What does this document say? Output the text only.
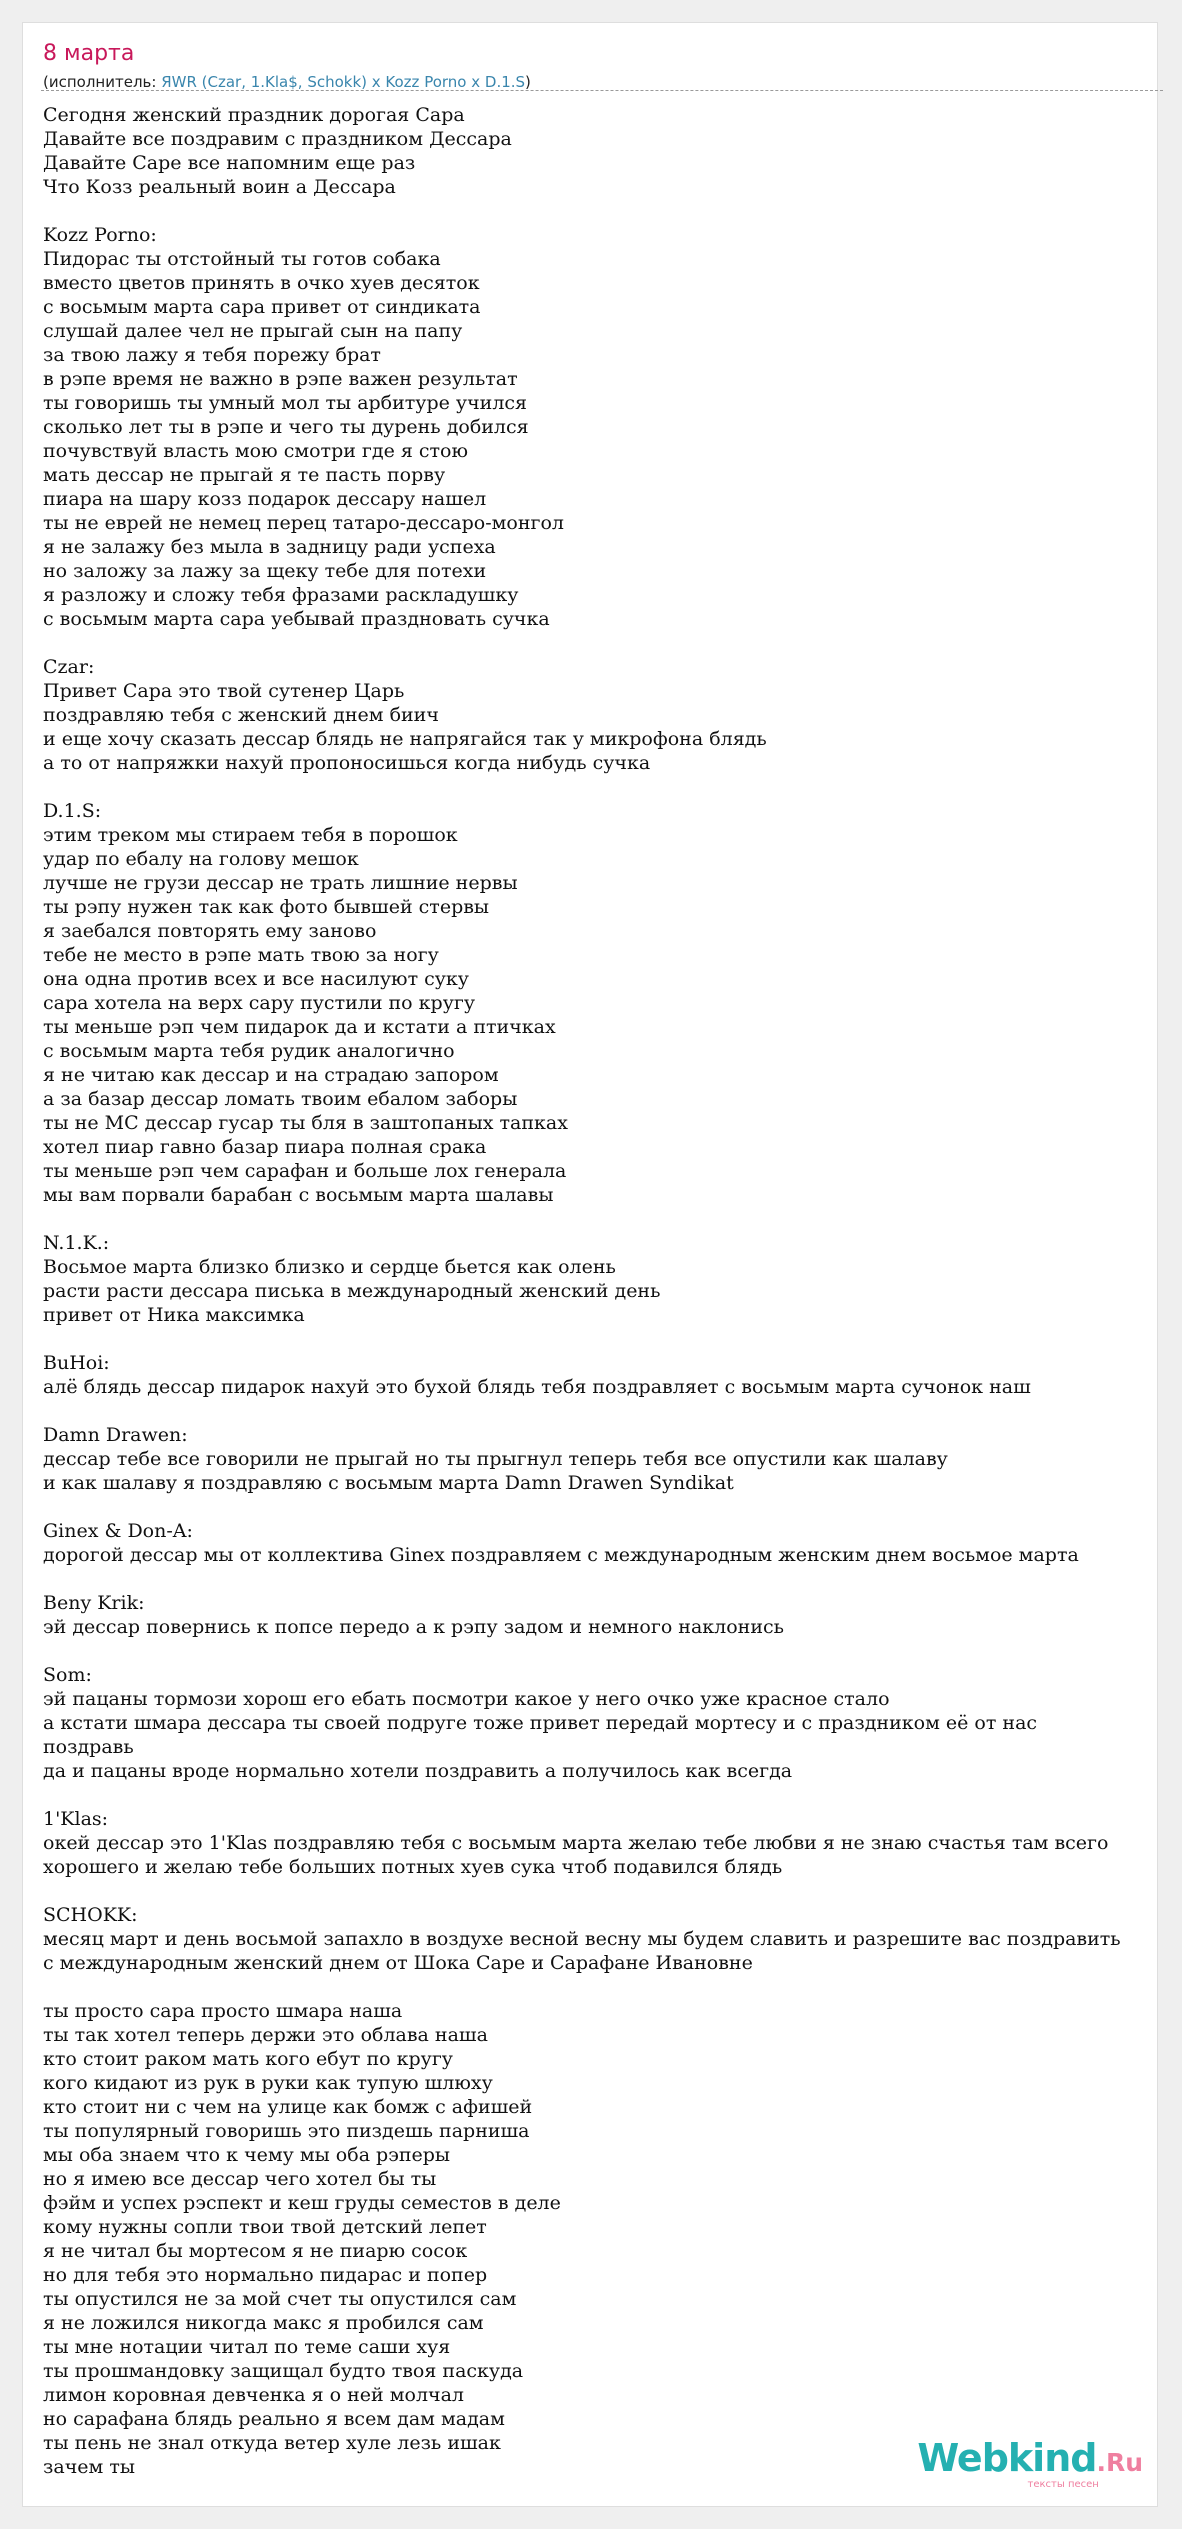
8 марта
(исполнитель: ЯWR (Czar, 1.Kla$, Schokk) x Kozz Porno x D.1.S)
Сегодня женский праздник дорогая Сара
Давайте все поздравим с праздником Дессара
Давайте Саре все напомним еще раз
Что Козз реальный воин а Дессара
Kozz Porno:
Пидорас ты отстойный ты готов собака
вместо цветов принять в очко хуев десяток
с восьмым марта сара привет от синдиката
слушай далее чел не прыгай сын на папу
за твою лажу я тебя порежу брат
в рэпе время не важно в рэпе важен результат
ты говоришь ты умный мол ты арбитуре учился
сколько лет ты в рэпе и чего ты дурень добился
почувствуй власть мою смотри где я стою
мать дессар не прыгай я те пасть порву
пиара на шару козз подарок дессару нашел
ты не еврей не немец перец татаро-дессаро-монгол
я не залажу без мыла в задницу ради успеха
но заложу за лажу за щеку тебе для потехи
я разложу и сложу тебя фразами раскладушку
с восьмым марта сара уебывай праздновать сучка
Czar:
Привет Сара это твой сутенер Царь
поздравляю тебя с женский днем биич
и еще хочу сказать дессар блядь не напрягайся так у микрофона блядь
а то от напряжки нахуй пропоносишься когда нибудь сучка
D.1.S:
этим треком мы стираем тебя в порошок
удар по ебалу на голову мешок
лучше не грузи дессар не трать лишние нервы
ты рэпу нужен так как фото бывшей стервы
я заебался повторять ему заново
тебе не место в рэпе мать твою за ногу
она одна против всех и все насилуют суку
сара хотела на верх сару пустили по кругу
ты меньше рэп чем пидарок да и кстати а птичках
с восьмым марта тебя рудик аналогично
я не читаю как дессар и на страдаю запором
а за базар дессар ломать твоим ебалом заборы
ты не МС дессар гусар ты бля в заштопаных тапках
хотел пиар гавно базар пиара полная срака
ты меньше рэп чем сарафан и больше лох генерала
мы вам порвали барабан с восьмым марта шалавы
N.1.K.:
Восьмое марта близко близко и сердце бьется как олень
расти расти дессара писька в международный женский день
привет от Ника максимка
BuHoi:
алё блядь дессар пидарок нахуй это бухой блядь тебя поздравляет с восьмым марта сучонок наш
Damn Drawen:
дессар тебе все говорили не прыгай но ты прыгнул теперь тебя все опустили как шалаву
и как шалаву я поздравляю с восьмым марта Damn Drawen Syndikat
Ginex & Don-A:
дорогой дессар мы от коллектива Ginex поздравляем с международным женским днем восьмое марта
Beny Krik:
эй дессар повернись к попсе передо а к рэпу задом и немного наклонись
Som:
эй пацаны тормози хорош его ебать посмотри какое у него очко уже красное стало
а кстати шмара дессара ты своей подруге тоже привет передай мортесу и с праздником её от нас
поздравь
да и пацаны вроде нормально хотели поздравить а получилось как всегда
1'Klas:
окей дессар это 1'Klas поздравляю тебя с восьмым марта желаю тебе любви я не знаю счастья там всего
хорошего и желаю тебе больших потных хуев сука чтоб подавился блядь
SCHOKK:
месяц март и день восьмой запахло в воздухе весной весну мы будем славить и разрешите вас поздравить
с международным женский днем от Шока Саре и Сарафане Ивановне
ты просто сара просто шмара наша
ты так хотел теперь держи это облава наша
кто стоит раком мать кого ебут по кругу
кого кидают из рук в руки как тупую шлюху
кто стоит ни с чем на улице как бомж с афишей
ты популярный говоришь это пиздешь парниша
мы оба знаем что к чему мы оба рэперы
но я имею все дессар чего хотел бы ты
фэйм и успех рэспект и кеш груды семестов в деле
кому нужны сопли твои твой детский лепет
я не читал бы мортесом я не пиарю сосок
но для тебя это нормально пидарас и попер
ты опустился не за мой счет ты опустился сам
я не ложился никогда макс я пробился сам
ты мне нотации читал по теме саши хуя
ты прошмандовку защищал будто твоя паскуда
лимон коровная девченка я о ней молчал
но сарафана блядь реально я всем дам мадам
ты пень не знал откуда ветер хуле лезь ишак
зачем ты	Webkind.Ru
тексты песен
